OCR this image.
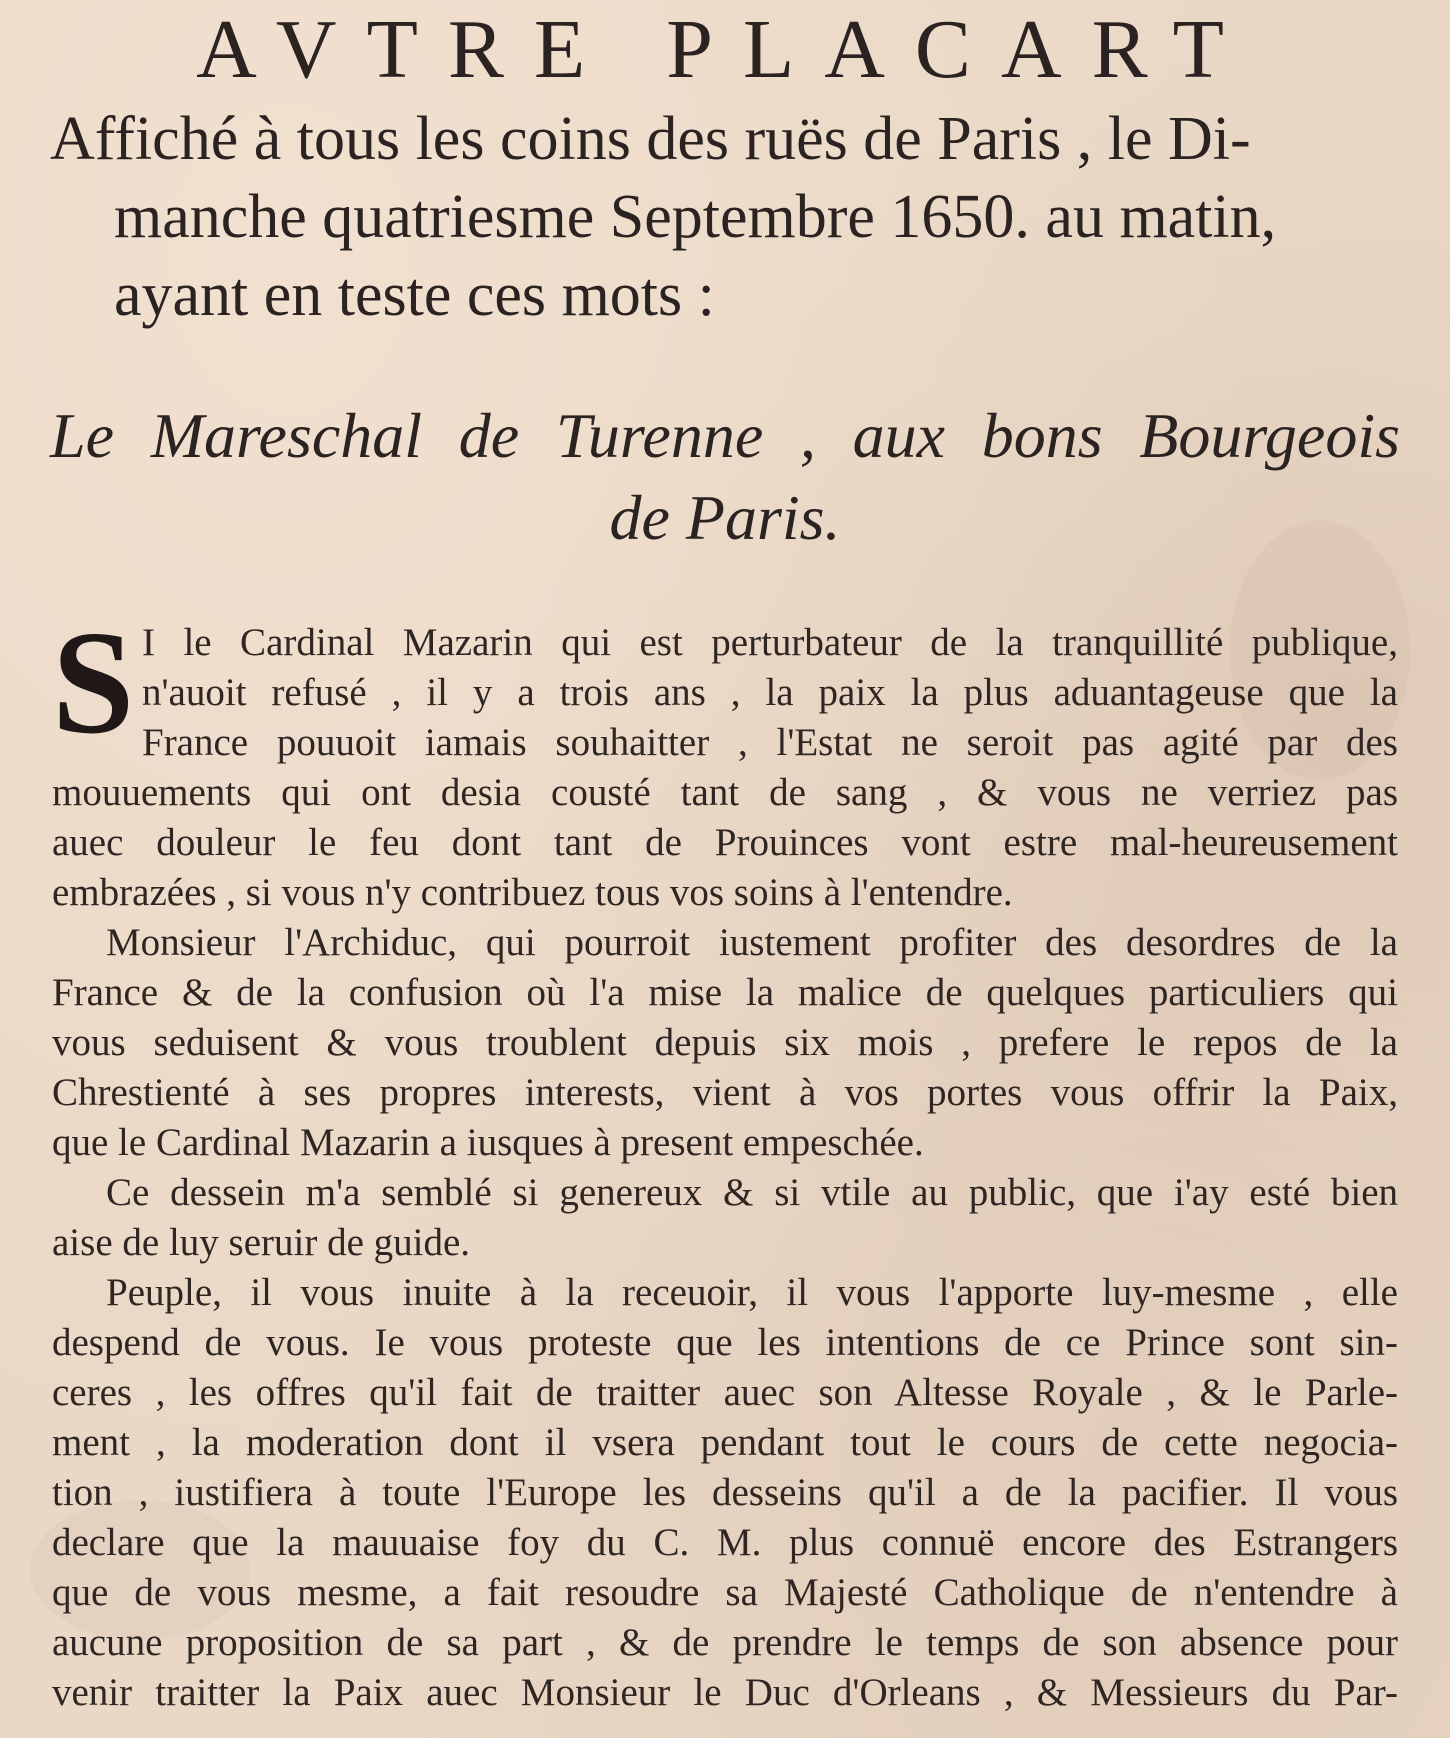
AVTRE PLACART
Affiché à tous les coins des ruës de Paris , le Di-
manche quatriesme Septembre 1650. au matin,
ayant en teste ces mots :
Le Mareschal de Turenne , aux bons Bourgeois
de Paris.
S I le Cardinal Mazarin qui est perturbateur de la tranquillité publique,
n'auoit refusé , il y a trois ans , la paix la plus aduantageuse que la
France pouuoit iamais souhaitter , l'Estat ne seroit pas agité par des
mouuements qui ont desia cousté tant de sang , & vous ne verriez pas
auec douleur le feu dont tant de Prouinces vont estre mal-heureusement
embrazées , si vous n'y contribuez tous vos soins à l'entendre.
Monsieur l'Archiduc, qui pourroit iustement profiter des desordres de la
France & de la confusion où l'a mise la malice de quelques particuliers qui
vous seduisent & vous troublent depuis six mois , prefere le repos de la
Chrestienté à ses propres interests, vient à vos portes vous offrir la Paix,
que le Cardinal Mazarin a iusques à present empeschée.
Ce dessein m'a semblé si genereux & si vtile au public, que i'ay esté bien
aise de luy seruir de guide.
Peuple, il vous inuite à la receuoir, il vous l'apporte luy-mesme , elle
despend de vous. Ie vous proteste que les intentions de ce Prince sont sin-
ceres , les offres qu'il fait de traitter auec son Altesse Royale , & le Parle-
ment , la moderation dont il vsera pendant tout le cours de cette negocia-
tion , iustifiera à toute l'Europe les desseins qu'il a de la pacifier. Il vous
declare que la mauuaise foy du C. M. plus connuë encore des Estrangers
que de vous mesme, a fait resoudre sa Majesté Catholique de n'entendre à
aucune proposition de sa part , & de prendre le temps de son absence pour
venir traitter la Paix auec Monsieur le Duc d'Orleans , & Messieurs du Par-
